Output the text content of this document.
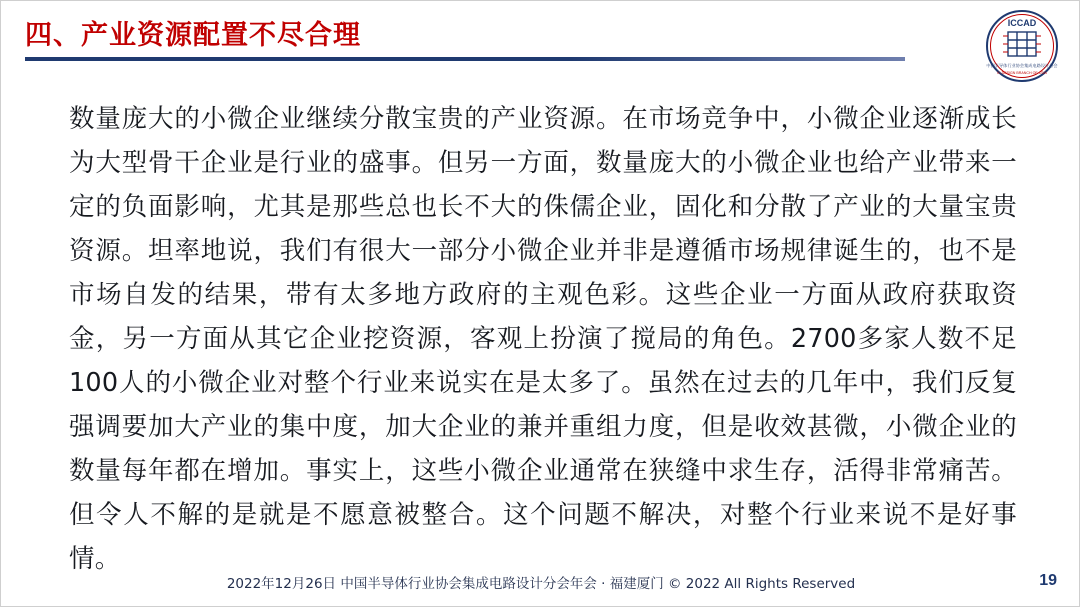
四、产业资源配置不尽合理	ICCAD
中国半导体行业协会集成电路设计分会
IC DESIGN BRANCH OF CSIA
数量庞大的小微企业继续分散宝贵的产业资源。在市场竞争中，小微企业逐渐成长为大型骨干企业是行业的盛事。但另一方面，数量庞大的小微企业也给产业带来一定的负面影响，尤其是那些总也长不大的侏儒企业，固化和分散了产业的大量宝贵资源。坦率地说，我们有很大一部分小微企业并非是遵循市场规律诞生的，也不是市场自发的结果，带有太多地方政府的主观色彩。这些企业一方面从政府获取资金，另一方面从其它企业挖资源，客观上扮演了搅局的角色。2700多家人数不足100人的小微企业对整个行业来说实在是太多了。虽然在过去的几年中，我们反复强调要加大产业的集中度，加大企业的兼并重组力度，但是收效甚微，小微企业的数量每年都在增加。事实上，这些小微企业通常在狭缝中求生存，活得非常痛苦。但令人不解的是就是不愿意被整合。这个问题不解决，对整个行业来说不是好事情。
2022年12月26日 中国半导体行业协会集成电路设计分会年会 · 福建厦门 © 2022 All Rights Reserved	19
